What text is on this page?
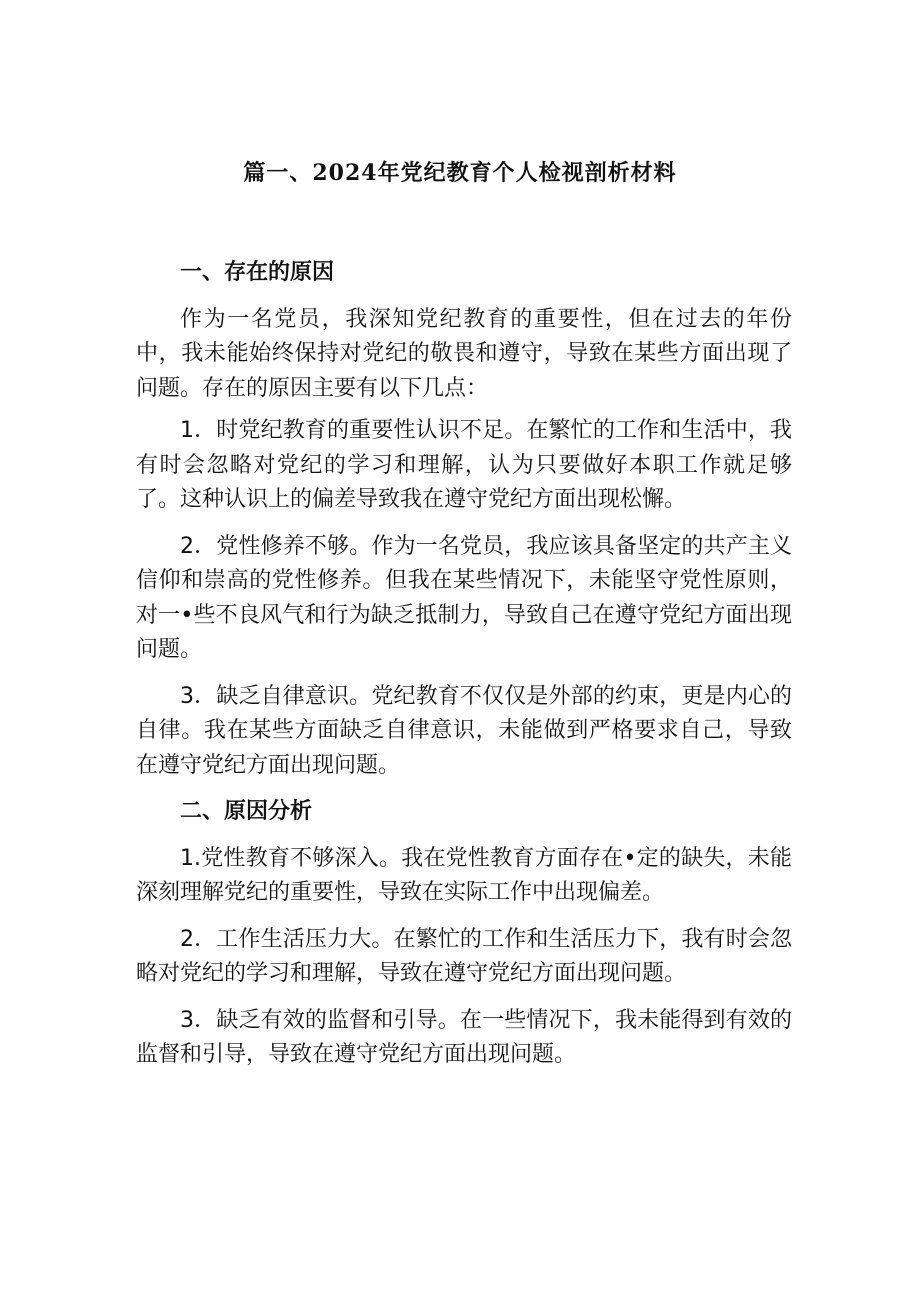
篇一、2024年党纪教育个人检视剖析材料
一、存在的原因

作为一名党员，我深知党纪教育的重要性，但在过去的年份中，我未能始终保持对党纪的敬畏和遵守，导致在某些方面出现了问题。存在的原因主要有以下几点：

1．时党纪教育的重要性认识不足。在繁忙的工作和生活中，我有时会忽略对党纪的学习和理解，认为只要做好本职工作就足够了。这种认识上的偏差导致我在遵守党纪方面出现松懈。

2．党性修养不够。作为一名党员，我应该具备坚定的共产主义信仰和崇高的党性修养。但我在某些情况下，未能坚守党性原则，对一•些不良风气和行为缺乏抵制力，导致自己在遵守党纪方面出现问题。

3．缺乏自律意识。党纪教育不仅仅是外部的约束，更是内心的自律。我在某些方面缺乏自律意识，未能做到严格要求自己，导致在遵守党纪方面出现问题。

二、原因分析

1.党性教育不够深入。我在党性教育方面存在•定的缺失，未能深刻理解党纪的重要性，导致在实际工作中出现偏差。

2．工作生活压力大。在繁忙的工作和生活压力下，我有时会忽略对党纪的学习和理解，导致在遵守党纪方面出现问题。

3．缺乏有效的监督和引导。在一些情况下，我未能得到有效的监督和引导，导致在遵守党纪方面出现问题。
